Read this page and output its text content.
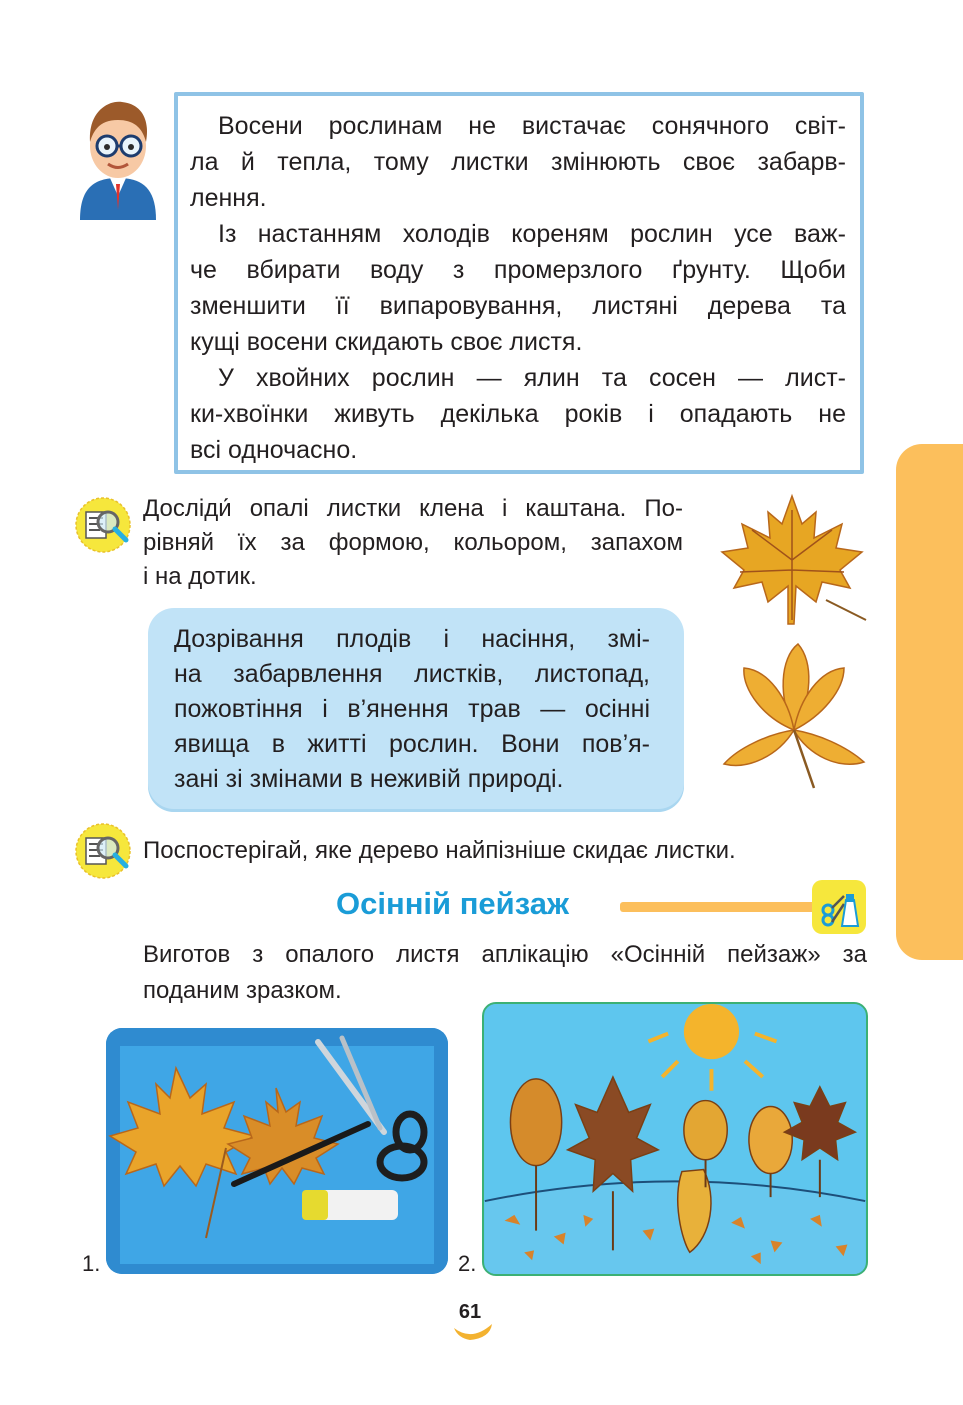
Восени рослинам не вистачає сонячного світ-
ла й тепла, тому листки змінюють своє забарв-
лення.
Із настанням холодів кореням рослин усе важ-
че вбирати воду з промерзлого ґрунту. Щоби
зменшити її випаровування, листяні дерева та
кущі восени скидають своє листя.
У хвойних рослин — ялин та сосен — лист-
ки-хвоїнки живуть декілька років і опадають не
всі одночасно.
Досліди́ опалі листки клена і каштана. По-
рівняй їх за формою, кольором, запахом
і на дотик.
Дозрівання плодів і насіння, змі-
на забарвлення листків, листопад,
пожовтіння і в’янення трав — осінні
явища в житті рослин. Вони пов’я-
зані зі змінами в неживій природі.
Поспостерігай, яке дерево найпізніше скидає листки.
Осінній пейзаж
Виготов з опалого листя аплікацію «Осінній пейзаж» за
поданим зразком.
1.	2.
61
